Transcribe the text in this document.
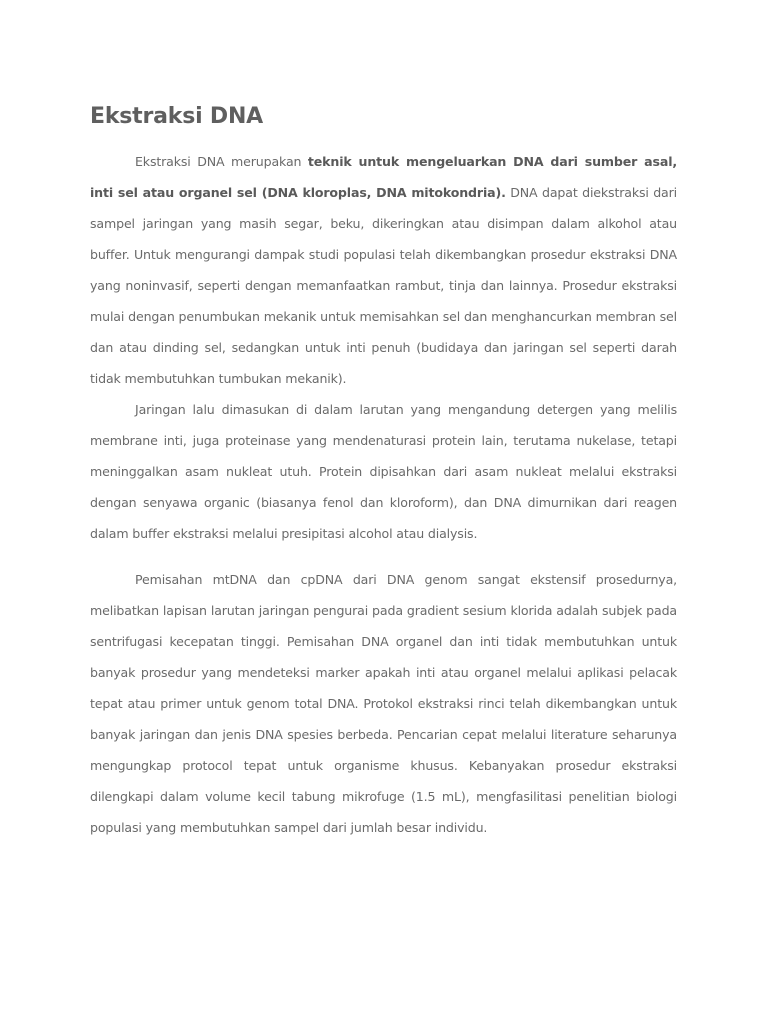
Ekstraksi DNA

Ekstraksi DNA merupakan teknik untuk mengeluarkan DNA dari sumber asal, inti sel atau organel sel (DNA kloroplas, DNA mitokondria). DNA dapat diekstraksi dari sampel jaringan yang masih segar, beku, dikeringkan atau disimpan dalam alkohol atau buffer. Untuk mengurangi dampak studi populasi telah dikembangkan prosedur ekstraksi DNA yang noninvasif, seperti dengan memanfaatkan rambut, tinja dan lainnya. Prosedur ekstraksi mulai dengan penumbukan mekanik untuk memisahkan sel dan menghancurkan membran sel dan atau dinding sel, sedangkan untuk inti penuh (budidaya dan jaringan sel seperti darah tidak membutuhkan tumbukan mekanik).

Jaringan lalu dimasukan di dalam larutan yang mengandung detergen yang melilis membrane inti, juga proteinase yang mendenaturasi protein lain, terutama nukelase, tetapi meninggalkan asam nukleat utuh. Protein dipisahkan dari asam nukleat melalui ekstraksi dengan senyawa organic (biasanya fenol dan kloroform), dan DNA dimurnikan dari reagen dalam buffer ekstraksi melalui presipitasi alcohol atau dialysis.

Pemisahan mtDNA dan cpDNA dari DNA genom sangat ekstensif prosedurnya, melibatkan lapisan larutan jaringan pengurai pada gradient sesium klorida adalah subjek pada sentrifugasi kecepatan tinggi. Pemisahan DNA organel dan inti tidak membutuhkan untuk banyak prosedur yang mendeteksi marker apakah inti atau organel melalui aplikasi pelacak tepat atau primer untuk genom total DNA. Protokol ekstraksi rinci telah dikembangkan untuk banyak jaringan dan jenis DNA spesies berbeda. Pencarian cepat melalui literature seharunya mengungkap protocol tepat untuk organisme khusus. Kebanyakan prosedur ekstraksi dilengkapi dalam volume kecil tabung mikrofuge (1.5 mL), mengfasilitasi penelitian biologi populasi yang membutuhkan sampel dari jumlah besar individu.
